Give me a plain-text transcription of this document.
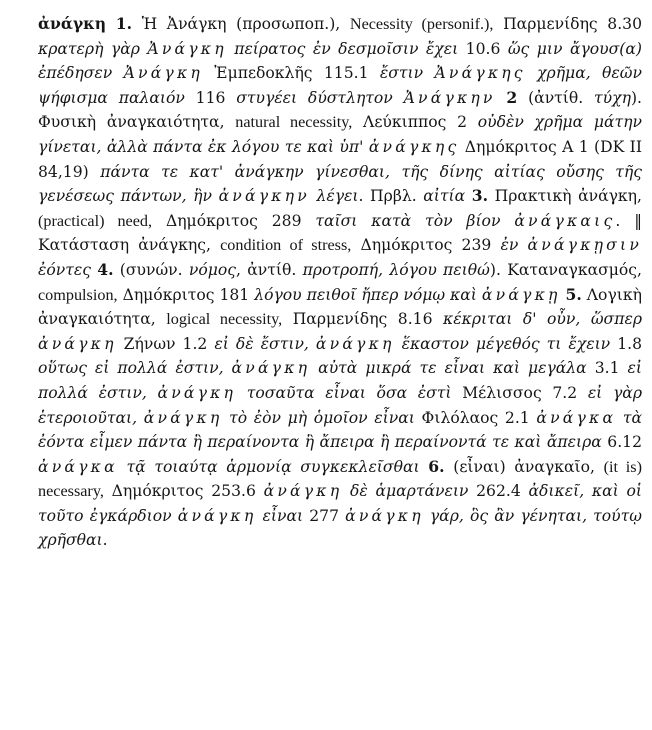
ἀνάγκη 1. Ἡ Ἀνάγκη (προσωποπ.), Necessity (personif.), Παρμενίδης 8.30 κρατερὴ γὰρ Ἀνάγκη πείρατος ἐν δεσμοῖσιν ἔχει 10.6 ὥς μιν ἄγουσ(α) ἐπέδησεν Ἀνάγκη Ἐμπεδοκλῆς 115.1 ἔστιν Ἀνάγκης χρῆμα, θεῶν ψήφισμα παλαιόν 116 στυγέει δύστλητον Ἀνάγκην 2 (ἀντίθ. τύχη). Φυσικὴ ἀναγκαιότητα, natural necessity, Λεύκιππος 2 οὐδὲν χρῆμα μάτην γίνεται, ἀλλὰ πάντα ἐκ λόγου τε καὶ ὑπ' ἀνάγκης Δημόκριτος Α 1 (DK II 84,19) πάντα τε κατ' ἀνάγκην γίνεσθαι, τῆς δίνης αἰτίας οὔσης τῆς γενέσεως πάντων, ἣν ἀνάγκην λέγει. Πρβλ. αἰτία 3. Πρακτικὴ ἀνάγκη, (practical) need, Δημόκριτος 289 ταῖσι κατὰ τὸν βίον ἀνάγκαις. ‖ Κατάσταση ἀνάγκης, condition of stress, Δημόκριτος 239 ἐν ἀνάγκῃσιν ἐόντες 4. (συνών. νόμος, ἀντίθ. προτροπή, λόγου πειθώ). Καταναγκασμός, compulsion, Δημόκριτος 181 λόγου πειθοῖ ἤπερ νόμῳ καὶ ἀνάγκῃ 5. Λογικὴ ἀναγκαιότητα, logical necessity, Παρμενίδης 8.16 κέκριται δ' οὖν, ὥσπερ ἀνάγκη Ζήνων 1.2 εἰ δὲ ἔστιν, ἀνάγκη ἕκαστον μέγεθός τι ἔχειν 1.8 οὕτως εἰ πολλά ἐστιν, ἀνάγκη αὐτὰ μικρά τε εἶναι καὶ μεγάλα 3.1 εἰ πολλά ἐστιν, ἀνάγκη τοσαῦτα εἶναι ὅσα ἐστὶ Μέλισσος 7.2 εἰ γὰρ ἑτεροιοῦται, ἀνάγκη τὸ ἐὸν μὴ ὁμοῖον εἶναι Φιλόλαος 2.1 ἀνάγκα τὰ ἐόντα εἶμεν πάντα ἢ περαίνοντα ἢ ἄπειρα ἢ περαίνοντά τε καὶ ἄπειρα 6.12 ἀνάγκα τᾷ τοιαύτᾳ ἁρμονίᾳ συγκεκλεῖσθαι 6. (εἶναι) ἀναγκαῖο, (it is) necessary, Δημόκριτος 253.6 ἀνάγκη δὲ ἁμαρτάνειν 262.4 ἀδικεῖ, καὶ οἱ τοῦτο ἐγκάρδιον ἀνάγκη εἶναι 277 ἀνάγκη γάρ, ὃς ἂν γένηται, τούτῳ χρῆσθαι.
